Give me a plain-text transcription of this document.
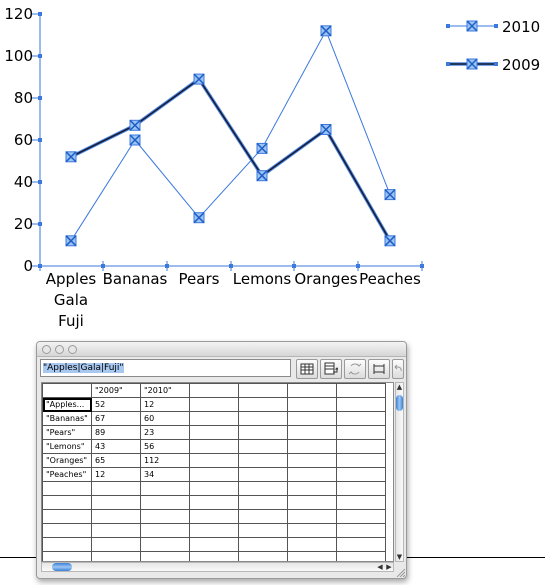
0
20
40
60
80
100
120
Apples
Gala
Fuji
Bananas Pears Lemons Oranges Peaches
2010
2009
"Apples|Gala|Fuji"
	"2009"	"2010"				
"Apples...	52	12				
"Bananas"	67	60				
"Pears"	89	23				
"Lemons"	43	56				
"Oranges"	65	112				
"Peaches"	12	34				

▲
▼
◀ ▶
